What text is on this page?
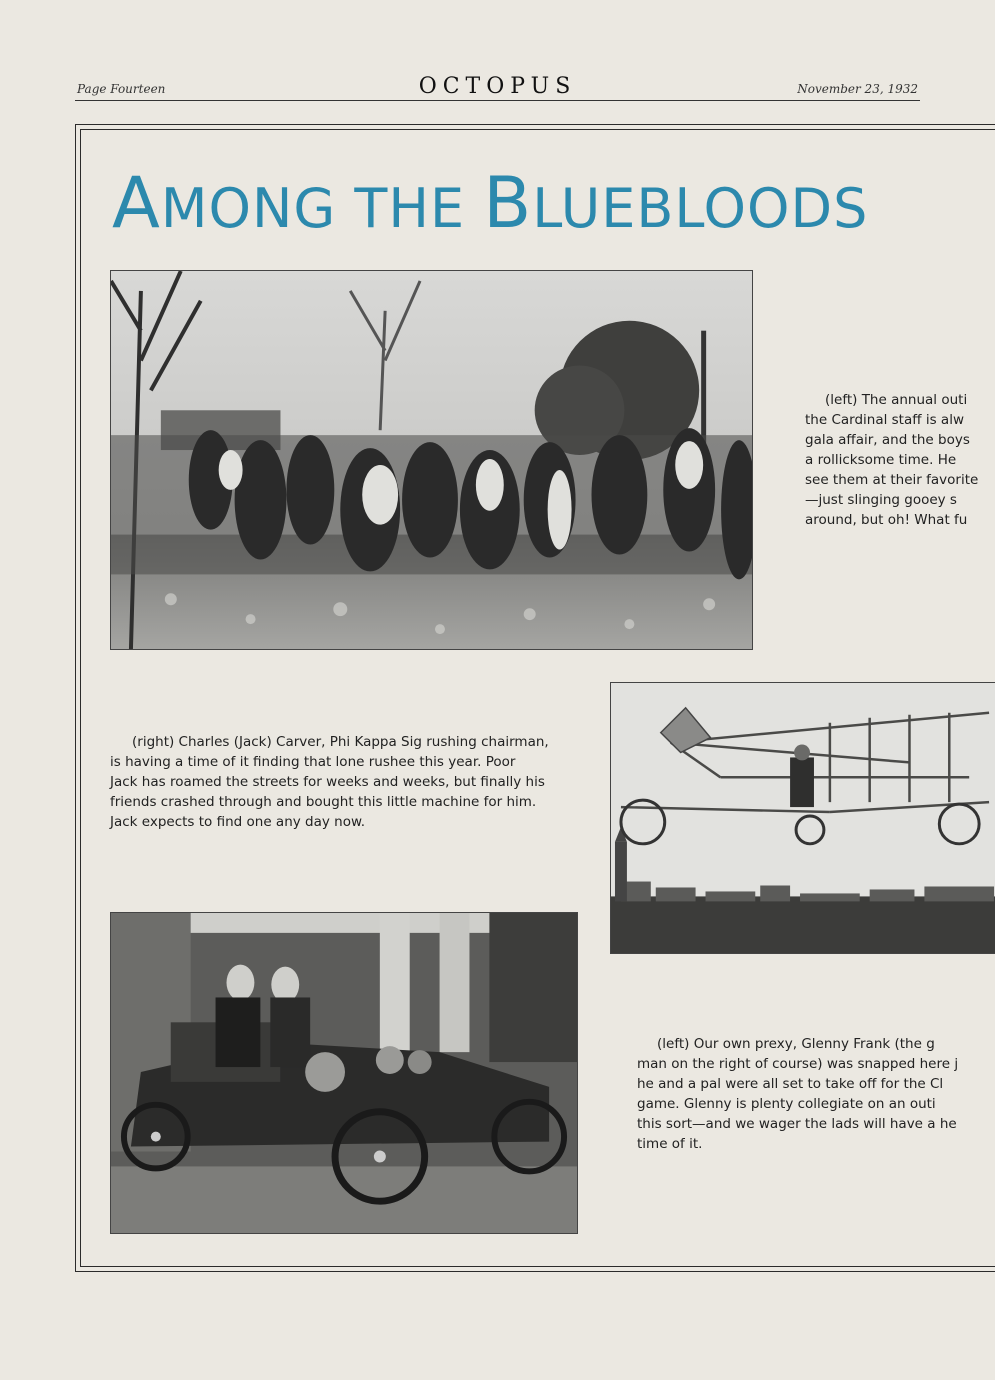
Page Fourteen	OCTOPUS	November 23, 1932
AMONG THE BLUEBLOODS
(left) The annual outi
the Cardinal staff is alw
gala affair, and the boys
a rollicksome time. He
see them at their favorite
—just slinging gooey s
around, but oh! What fu
(right) Charles (Jack) Carver, Phi Kappa Sig rushing chairman,
is having a time of it finding that lone rushee this year. Poor
Jack has roamed the streets for weeks and weeks, but finally his
friends crashed through and bought this little machine for him.
Jack expects to find one any day now.
(left) Our own prexy, Glenny Frank (the g
man on the right of course) was snapped here j
he and a pal were all set to take off for the Cl
game. Glenny is plenty collegiate on an outi
this sort—and we wager the lads will have a he
time of it.
